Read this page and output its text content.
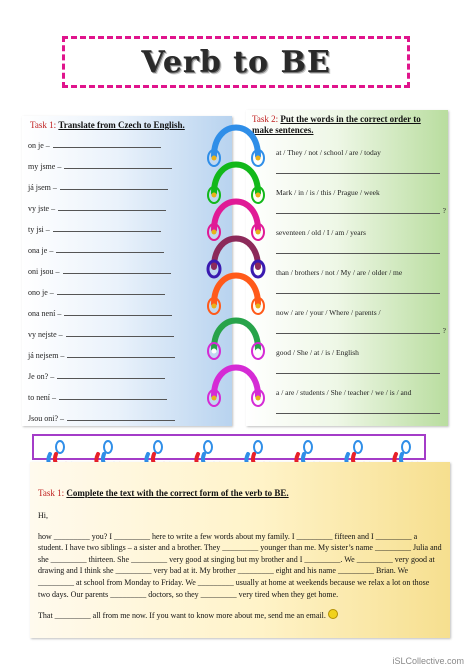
Verb to BE
Task 1: Translate from Czech to English.
on je –
my jsme –
já jsem –
vy jste –
ty jsi –
ona je –
oni jsou –
ono je –
ona není –
vy nejste –
já nejsem –
Je on? –
to není –
Jsou oni? –
Task 2: Put the words in the correct order to make sentences.
at / They / not / school / are / today
Mark / in / is / this / Prague / week
?
seventeen / old / I / am / years
than / brothers / not / My / are / older / me
now / are / your / Where / parents /
?
good / She / at / is / English
a / are / students / She / teacher / we / is / and
Task 1: Complete the text with the correct form of the verb to BE.

Hi,

how _________ you? I _________ here to write a few words about my family. I _________ fifteen and I _________ a student. I have two siblings – a sister and a brother. They _________ younger than me. My sister’s name _________ Julia and she _________ thirteen. She _________ very good at singing but my brother and I _________. We _________ very good at drawing and I think she _________ very bad at it. My brother _________ eight and his name _________ Brian. We _________ at school from Monday to Friday. We _________ usually at home at weekends because we relax a lot on those two days. Our parents _________ doctors, so they _________ very tired when they get home.

That _________ all from me now. If you want to know more about me, send me an email.

iSLCollective.com
